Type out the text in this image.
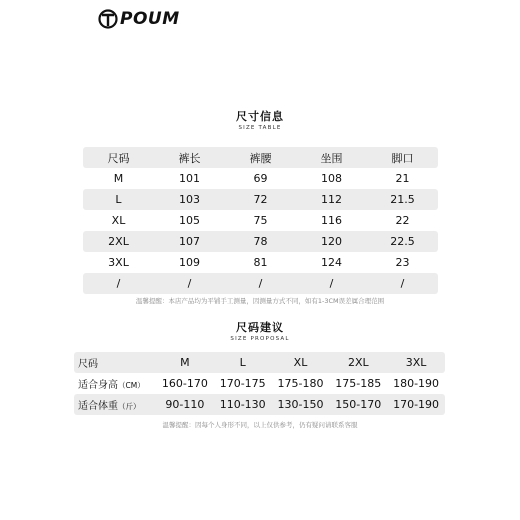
POUM
尺寸信息
SIZE TABLE
尺码	裤长	裤腰	坐围	脚口
M	101	69	108	21
L	103	72	112	21.5
XL	105	75	116	22
2XL	107	78	120	22.5
3XL	109	81	124	23
/	/	/	/	/
温馨提醒：本店产品均为平铺手工测量，因测量方式不同，如有1-3CM误差属合理范围
尺码建议
SIZE PROPOSAL
尺码	M	L	XL	2XL	3XL
适合身高（CM）	160-170	170-175	175-180	175-185	180-190
适合体重（斤）	90-110	110-130	130-150	150-170	170-190
温馨提醒：因每个人身形不同，以上仅供参考，仍有疑问请联系客服
